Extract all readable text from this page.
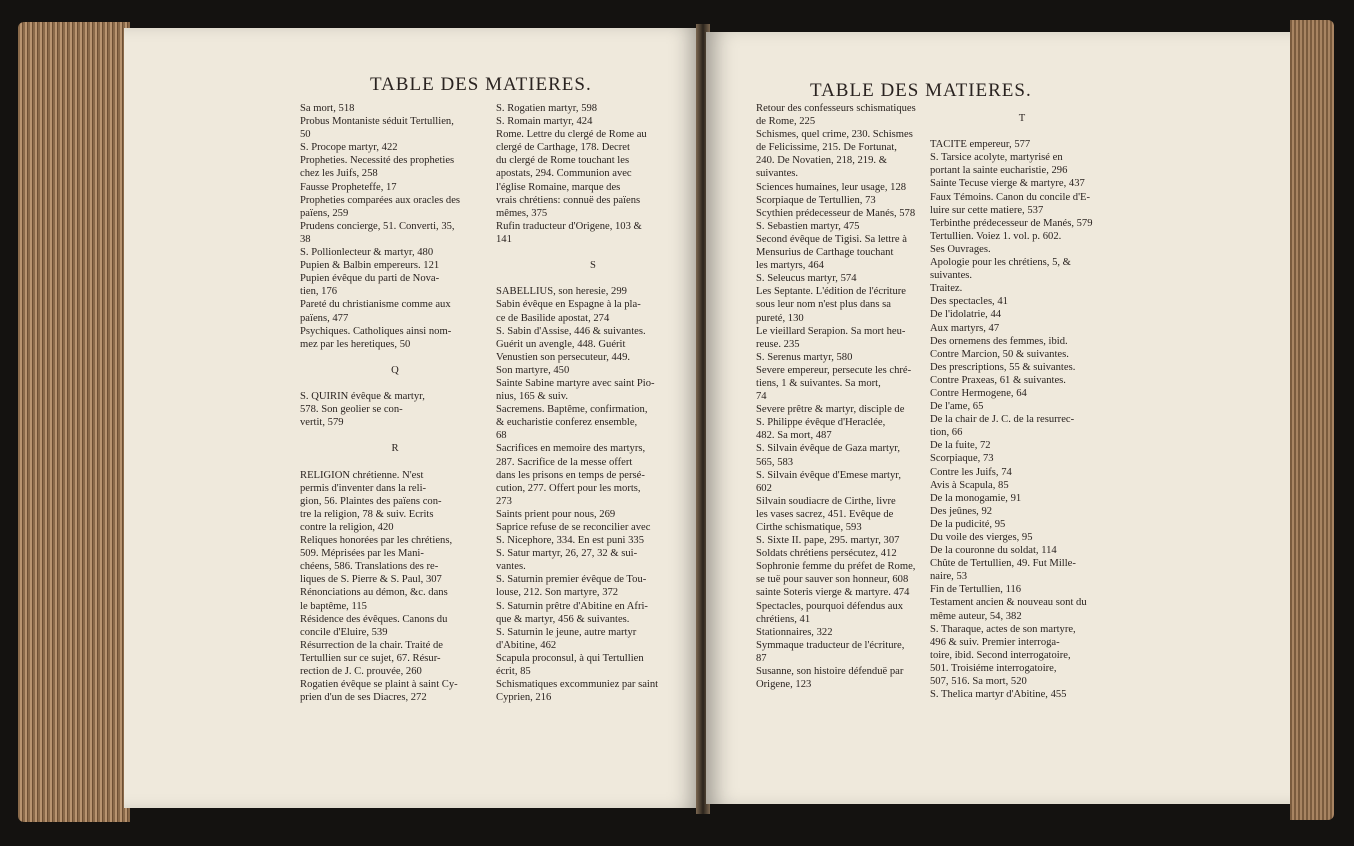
TABLE DES MATIERES.
Sa mort, 518
Probus Montaniste séduit Tertullien,
50
S. Procope martyr, 422
Propheties. Necessité des propheties
chez les Juifs, 258
Fausse Propheteffe, 17
Propheties comparées aux oracles des
païens, 259
Prudens concierge, 51. Converti, 35,
38
S. Pollionlecteur & martyr, 480
Pupien & Balbin empereurs. 121
Pupien évêque du parti de Nova-
tien, 176
Pareté du christianisme comme aux
païens, 477
Psychiques. Catholiques ainsi nom-
mez par les heretiques, 50

Q

S. QUIRIN évêque & martyr,
578. Son geolier se con-
vertit, 579

R

RELIGION chrétienne. N'est
permis d'inventer dans la reli-
gion, 56. Plaintes des païens con-
tre la religion, 78 & suiv. Ecrits
contre la religion, 420
Reliques honorées par les chrétiens,
509. Méprisées par les Mani-
chéens, 586. Translations des re-
liques de S. Pierre & S. Paul, 307
Rénonciations au démon, &c. dans
le baptême, 115
Résidence des évêques. Canons du
concile d'Eluire, 539
Résurrection de la chair. Traité de
Tertullien sur ce sujet, 67. Résur-
rection de J. C. prouvée, 260
Rogatien évêque se plaint à saint Cy-
prien d'un de ses Diacres, 272
S. Rogatien martyr, 598
S. Romain martyr, 424
Rome. Lettre du clergé de Rome au
clergé de Carthage, 178. Decret
du clergé de Rome touchant les
apostats, 294. Communion avec
l'église Romaine, marque des
vrais chrétiens: connuë des païens
mêmes, 375
Rufin traducteur d'Origene, 103 &
141

S

SABELLIUS, son heresie, 299
Sabin évêque en Espagne à la pla-
ce de Basilide apostat, 274
S. Sabin d'Assise, 446 & suivantes.
Guérit un avengle, 448. Guérit
Venustien son persecuteur, 449.
Son martyre, 450
Sainte Sabine martyre avec saint Pio-
nius, 165 & suiv.
Sacremens. Baptême, confirmation,
& eucharistie conferez ensemble,
68
Sacrifices en memoire des martyrs,
287. Sacrifice de la messe offert
dans les prisons en temps de persé-
cution, 277. Offert pour les morts,
273
Saints prient pour nous, 269
Saprice refuse de se reconcilier avec
S. Nicephore, 334. En est puni 335
S. Satur martyr, 26, 27, 32 & sui-
vantes.
S. Saturnin premier évêque de Tou-
louse, 212. Son martyre, 372
S. Saturnin prêtre d'Abitine en Afri-
que & martyr, 456 & suivantes.
S. Saturnin le jeune, autre martyr
d'Abitine, 462
Scapula proconsul, à qui Tertullien
écrit, 85
Schismatiques excommuniez par saint
Cyprien, 216
TABLE DES MATIERES.
Retour des confesseurs schismatiques
de Rome, 225
Schismes, quel crime, 230. Schismes
de Felicissime, 215. De Fortunat,
240. De Novatien, 218, 219. &
suivantes.
Sciences humaines, leur usage, 128
Scorpiaque de Tertullien, 73
Scythien prédecesseur de Manés, 578
S. Sebastien martyr, 475
Second évêque de Tigisi. Sa lettre à
Mensurius de Carthage touchant
les martyrs, 464
S. Seleucus martyr, 574
Les Septante. L'édition de l'écriture
sous leur nom n'est plus dans sa
pureté, 130
Le vieillard Serapion. Sa mort heu-
reuse. 235
S. Serenus martyr, 580
Severe empereur, persecute les chré-
tiens, 1 & suivantes. Sa mort,
74
Severe prêtre & martyr, disciple de
S. Philippe évêque d'Heraclée,
482. Sa mort, 487
S. Silvain évêque de Gaza martyr,
565, 583
S. Silvain évêque d'Emese martyr,
602
Silvain soudiacre de Cirthe, livre
les vases sacrez, 451. Evêque de
Cirthe schismatique, 593
S. Sixte II. pape, 295. martyr, 307
Soldats chrétiens persécutez, 412
Sophronie femme du préfet de Rome,
se tuë pour sauver son honneur, 608
sainte Soteris vierge & martyre. 474
Spectacles, pourquoi défendus aux
chrétiens, 41
Stationnaires, 322
Symmaque traducteur de l'écriture,
87
Susanne, son histoire défenduë par
Origene, 123
T

TACITE empereur, 577
S. Tarsice acolyte, martyrisé en
portant la sainte eucharistie, 296
Sainte Tecuse vierge & martyre, 437
Faux Témoins. Canon du concile d'E-
luire sur cette matiere, 537
Terbinthe prédecesseur de Manés, 579
Tertullien. Voiez 1. vol. p. 602.
Ses Ouvrages.
Apologie pour les chrétiens, 5, &
suivantes.
Traitez.
Des spectacles, 41
De l'idolatrie, 44
Aux martyrs, 47
Des ornemens des femmes, ibid.
Contre Marcion, 50 & suivantes.
Des prescriptions, 55 & suivantes.
Contre Praxeas, 61 & suivantes.
Contre Hermogene, 64
De l'ame, 65
De la chair de J. C. de la resurrec-
tion, 66
De la fuite, 72
Scorpiaque, 73
Contre les Juifs, 74
Avis à Scapula, 85
De la monogamie, 91
Des jeûnes, 92
De la pudicité, 95
Du voile des vierges, 95
De la couronne du soldat, 114
Chûte de Tertullien, 49. Fut Mille-
naire, 53
Fin de Tertullien, 116
Testament ancien & nouveau sont du
même auteur, 54, 382
S. Tharaque, actes de son martyre,
496 & suiv. Premier interroga-
toire, ibid. Second interrogatoire,
501. Troisiéme interrogatoire,
507, 516. Sa mort, 520
S. Thelica martyr d'Abitine, 455
